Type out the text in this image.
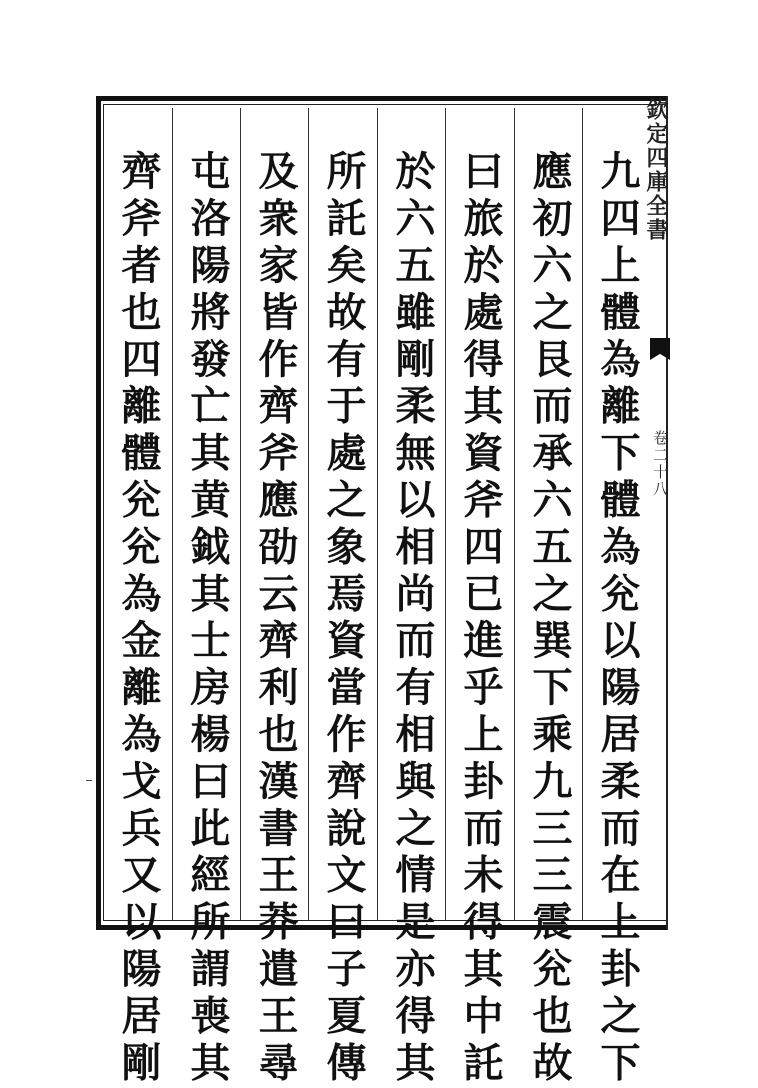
欽定四庫全書
卷二十八
九四上體為離下體為兊以陽居柔而在上卦之下
應初六之艮而承六五之巽下乘九三三震兊也故
曰旅於處得其資斧四已進乎上卦而未得其中託
於六五雖剛柔無以相尚而有相與之情是亦得其
所託矣故有于處之象焉資當作齊說文曰子夏傳
及衆家皆作齊斧應劭云齊利也漢書王莽遣王尋
屯洛陽將發亡其黄鉞其士房楊曰此經所謂喪其
齊斧者也四離體兊兊為金離為戈兵又以陽居剛
